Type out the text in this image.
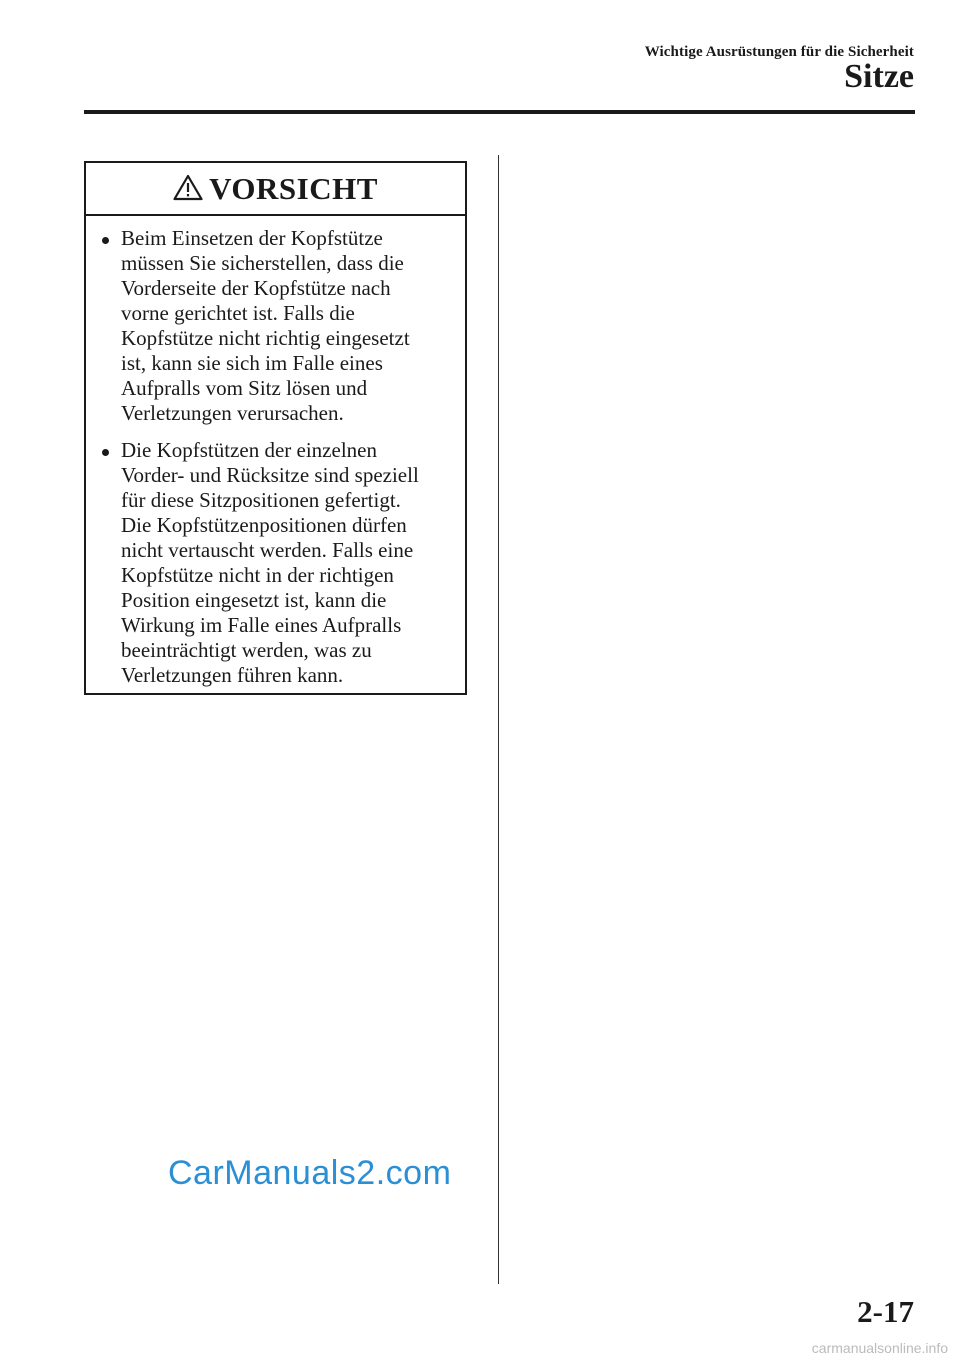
Wichtige Ausrüstungen für die Sicherheit
Sitze
VORSICHT
Beim Einsetzen der Kopfstütze
müssen Sie sicherstellen, dass die
Vorderseite der Kopfstütze nach
vorne gerichtet ist. Falls die
Kopfstütze nicht richtig eingesetzt
ist, kann sie sich im Falle eines
Aufpralls vom Sitz lösen und
Verletzungen verursachen.
Die Kopfstützen der einzelnen
Vorder- und Rücksitze sind speziell
für diese Sitzpositionen gefertigt.
Die Kopfstützenpositionen dürfen
nicht vertauscht werden. Falls eine
Kopfstütze nicht in der richtigen
Position eingesetzt ist, kann die
Wirkung im Falle eines Aufpralls
beeinträchtigt werden, was zu
Verletzungen führen kann.
CarManuals2.com
2-17
carmanualsonline.info
